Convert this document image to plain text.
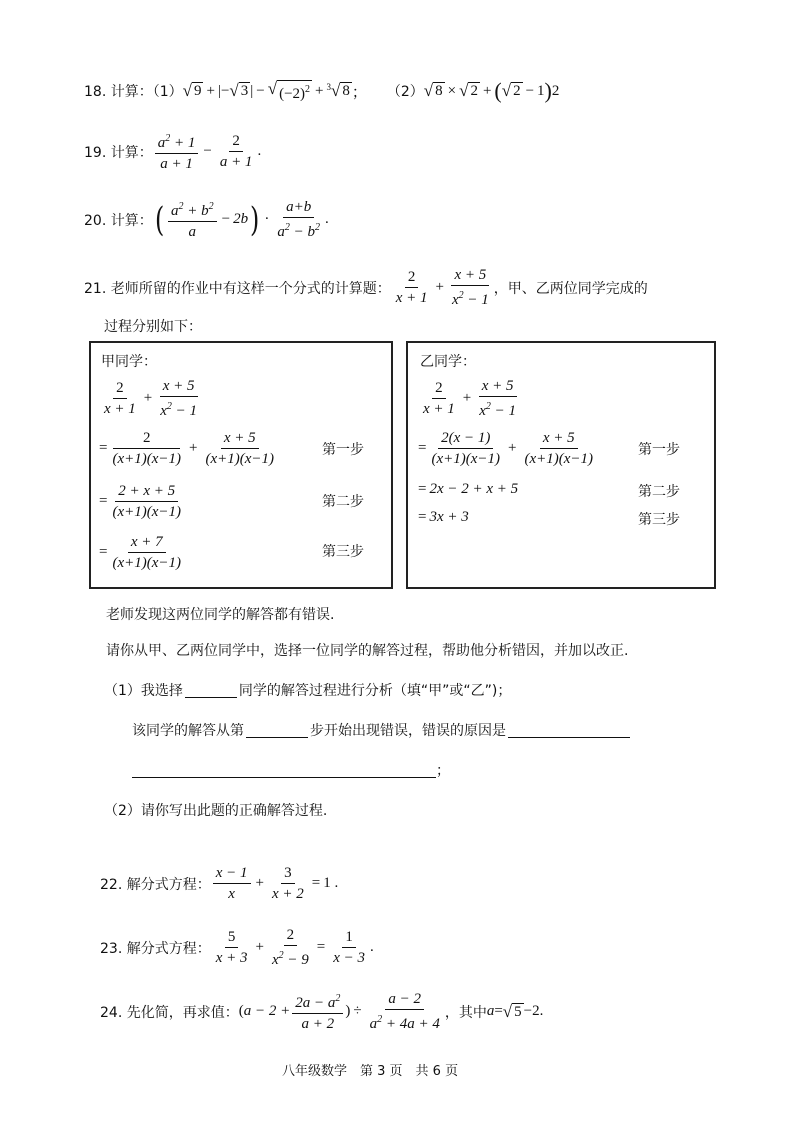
18. 计算：（1） √ 9 + |− √ 3 | − √ $(-2)^2 + 3$ √ 8 ； （2） √ 8 × √ 2 + ( √ 2 − 1 ) 2
19. 计算： $\frac{a^2 + 1}{a + 1} - \frac{2}{a + 1}$ .
20. 计算： ( $\frac{a^2 + b^2}{a} - 2b$ ) · $\frac{a+b}{a^2 - b^2}$ .
21. 老师所留的作业中有这样一个分式的计算题： $\frac{2}{x + 1} + \frac{x + 5}{x^2 - 1}$ ，甲、乙两位同学完成的
过程分别如下：
甲同学：
$\frac{2}{x + 1} + \frac{x + 5}{x^2 - 1}$
= $\frac{2}{(x+1)(x-1)} + \frac{x + 5}{(x+1)(x-1)}$	第一步
= $\frac{2 + x + 5}{(x+1)(x-1)}$	第二步
= $\frac{x + 7}{(x+1)(x-1)}$	第三步
乙同学：
$\frac{2}{x + 1} + \frac{x + 5}{x^2 - 1}$
= $\frac{2(x - 1)}{(x+1)(x-1)} + \frac{x + 5}{(x+1)(x-1)}$	第一步
= 2x − 2 + x + 5	第二步
= 3x + 3	第三步
老师发现这两位同学的解答都有错误.
请你从甲、乙两位同学中，选择一位同学的解答过程，帮助他分析错因，并加以改正.
（1）我选择	同学的解答过程进行分析（填“甲”或“乙”)；
该同学的解答从第	步开始出现错误，错误的原因是
；
（2）请你写出此题的正确解答过程.
22. 解分式方程： $\frac{x - 1}{x} + \frac{3}{x + 2} = 1$ .
23. 解分式方程： $\frac{5}{x + 3} + \frac{2}{x^2 - 9} = \frac{1}{x - 3}$ .
24. 先化简，再求值： ( $a - 2 + \frac{2a - a^2}{a + 2}$ ) ÷ $\frac{a - 2}{a^2 + 4a + 4}$ ，其中 a = √ 5 −2.
八年级数学　第 3 页　共 6 页
